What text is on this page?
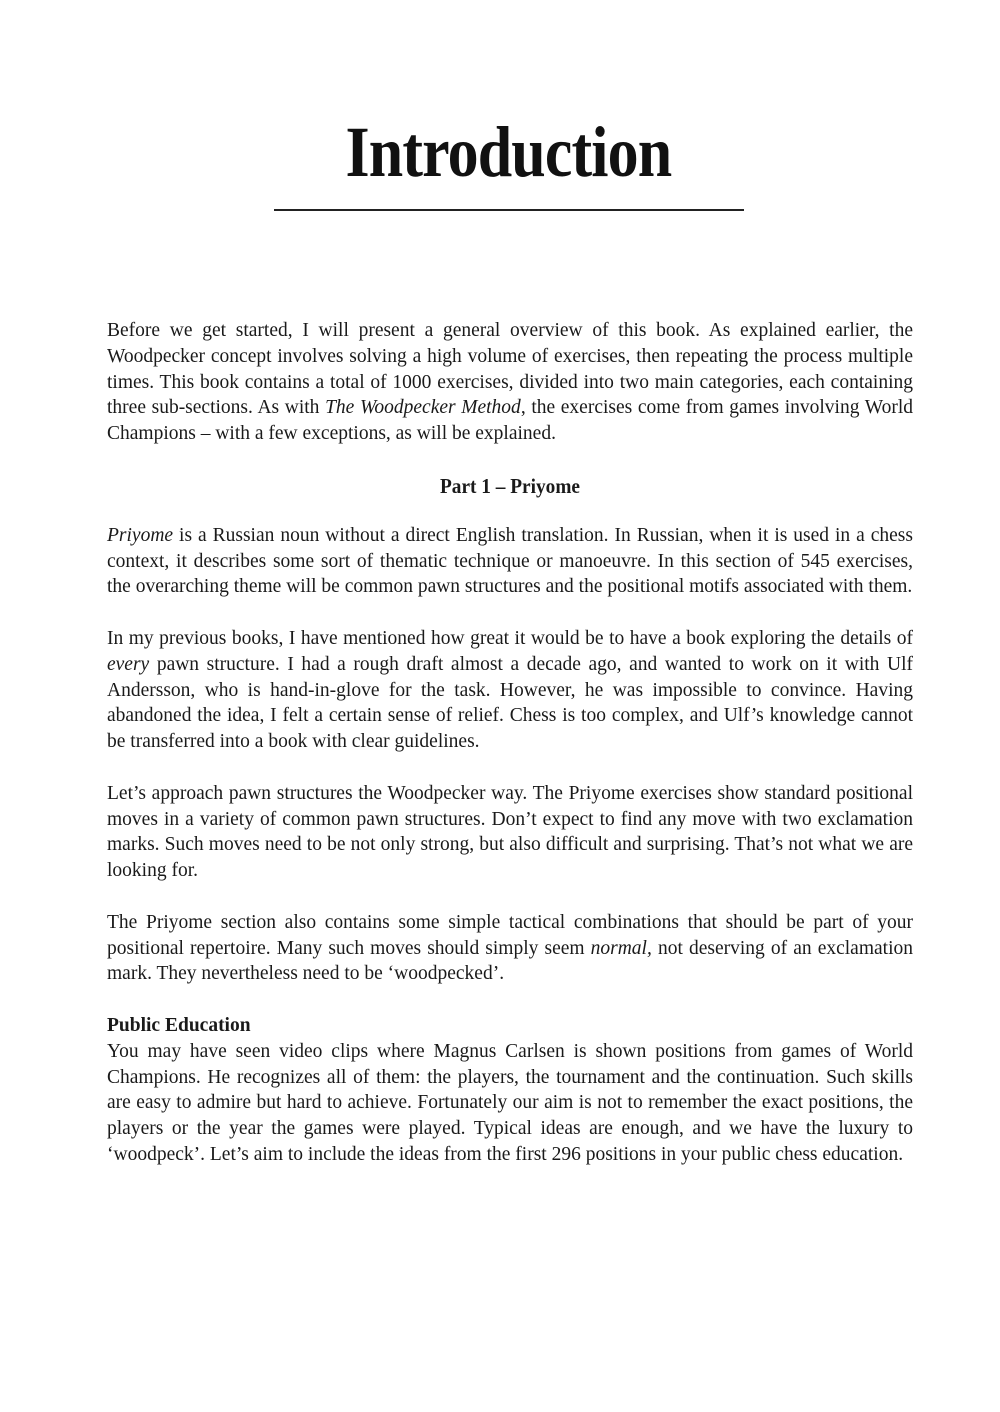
Introduction

Before we get started, I will present a general overview of this book. As explained earlier, the Woodpecker concept involves solving a high volume of exercises, then repeating the process multiple times. This book contains a total of 1000 exercises, divided into two main categories, each containing three sub-sections. As with The Woodpecker Method, the exercises come from games involving World Champions – with a few exceptions, as will be explained.

Part 1 – Priyome

Priyome is a Russian noun without a direct English translation. In Russian, when it is used in a chess context, it describes some sort of thematic technique or manoeuvre. In this section of 545 exercises, the overarching theme will be common pawn structures and the positional motifs associated with them.

In my previous books, I have mentioned how great it would be to have a book exploring the details of every pawn structure. I had a rough draft almost a decade ago, and wanted to work on it with Ulf Andersson, who is hand-in-glove for the task. However, he was impossible to convince. Having abandoned the idea, I felt a certain sense of relief. Chess is too complex, and Ulf’s knowledge cannot be transferred into a book with clear guidelines.

Let’s approach pawn structures the Woodpecker way. The Priyome exercises show standard positional moves in a variety of common pawn structures. Don’t expect to find any move with two exclamation marks. Such moves need to be not only strong, but also difficult and surprising. That’s not what we are looking for.

The Priyome section also contains some simple tactical combinations that should be part of your positional repertoire. Many such moves should simply seem normal, not deserving of an exclamation mark. They nevertheless need to be ‘woodpecked’.

Public Education
You may have seen video clips where Magnus Carlsen is shown positions from games of World Champions. He recognizes all of them: the players, the tournament and the continuation. Such skills are easy to admire but hard to achieve. Fortunately our aim is not to remember the exact positions, the players or the year the games were played. Typical ideas are enough, and we have the luxury to ‘woodpeck’. Let’s aim to include the ideas from the first 296 positions in your public chess education.
